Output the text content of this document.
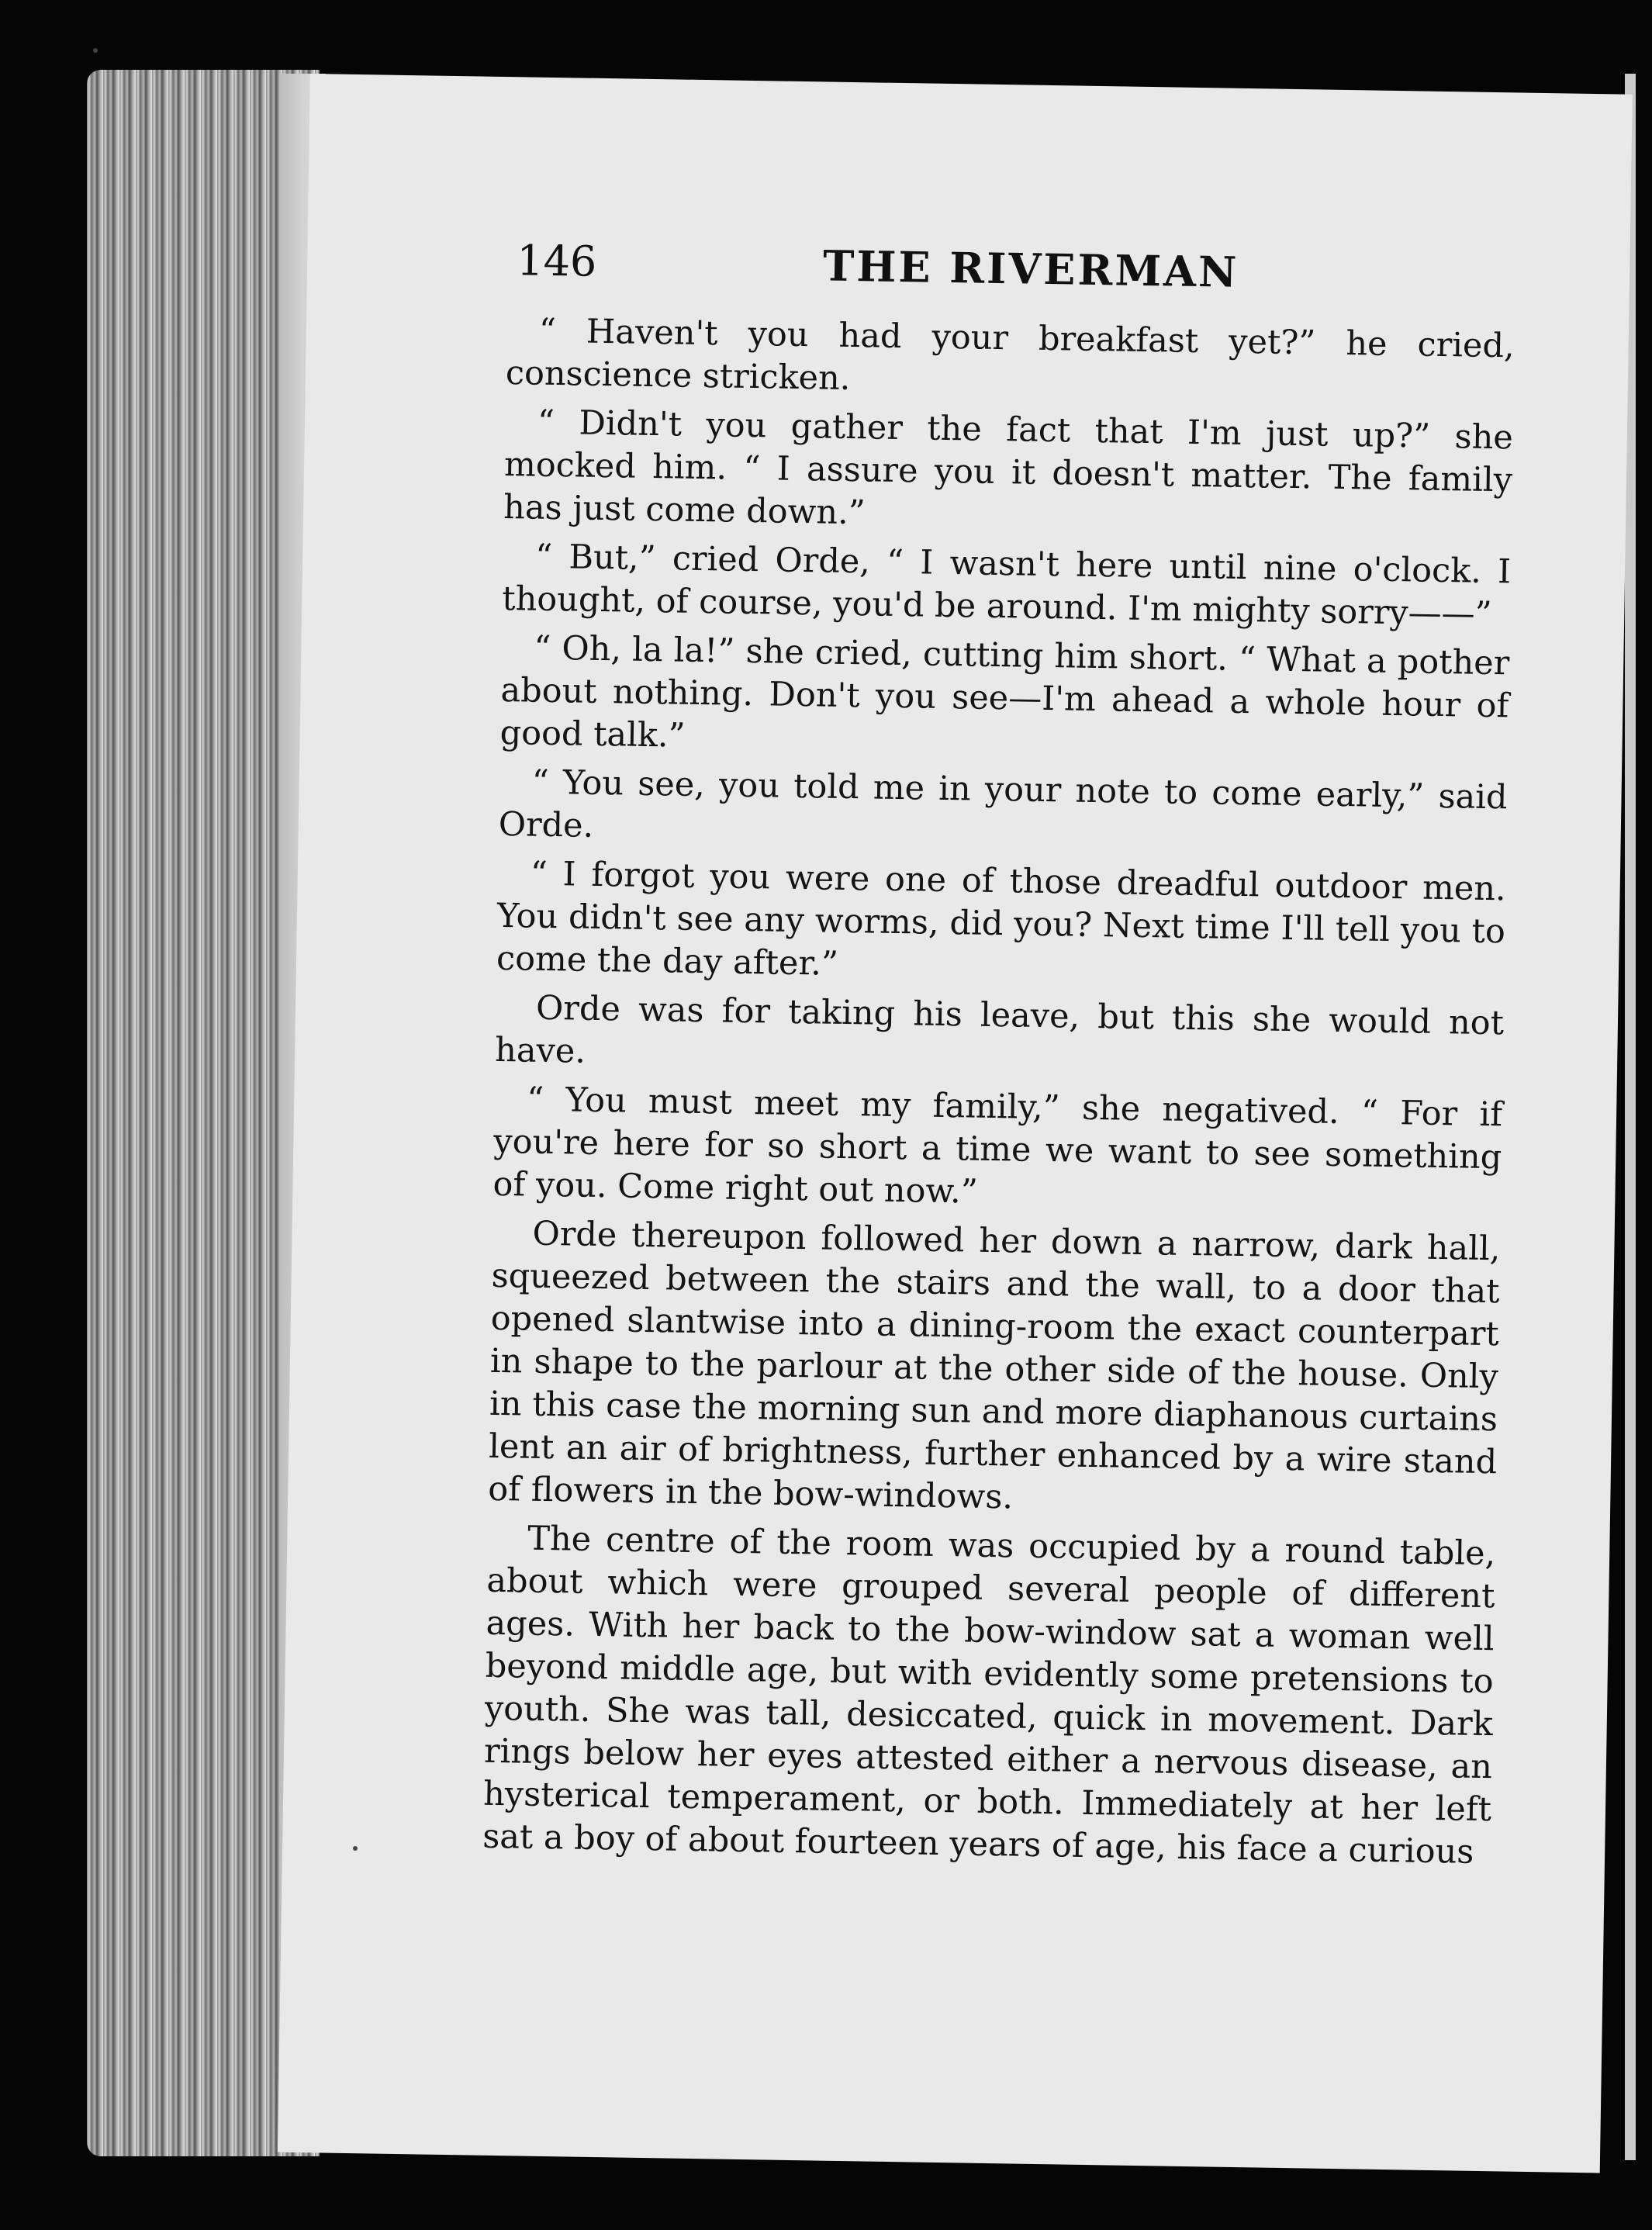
146	THE RIVERMAN

“ Haven't you had your breakfast yet?” he cried, conscience stricken.

“ Didn't you gather the fact that I'm just up?” she mocked him. “ I assure you it doesn't matter. The family has just come down.”

“ But,” cried Orde, “ I wasn't here until nine o'clock. I thought, of course, you'd be around. I'm mighty sorry——”

“ Oh, la la!” she cried, cutting him short. “ What a pother about nothing. Don't you see—I'm ahead a whole hour of good talk.”

“ You see, you told me in your note to come early,” said Orde.

“ I forgot you were one of those dreadful outdoor men. You didn't see any worms, did you? Next time I'll tell you to come the day after.”

Orde was for taking his leave, but this she would not have.

“ You must meet my family,” she negatived. “ For if you're here for so short a time we want to see something of you. Come right out now.”

Orde thereupon followed her down a narrow, dark hall, squeezed between the stairs and the wall, to a door that opened slantwise into a dining-room the exact counterpart in shape to the parlour at the other side of the house. Only in this case the morning sun and more diaphanous curtains lent an air of brightness, further enhanced by a wire stand of flowers in the bow-windows.

The centre of the room was occupied by a round table, about which were grouped several people of different ages. With her back to the bow-window sat a woman well beyond middle age, but with evidently some pretensions to youth. She was tall, desiccated, quick in movement. Dark rings below her eyes attested either a nervous disease, an hysterical temperament, or both. Immediately at her left sat a boy of about fourteen years of age, his face a curious
